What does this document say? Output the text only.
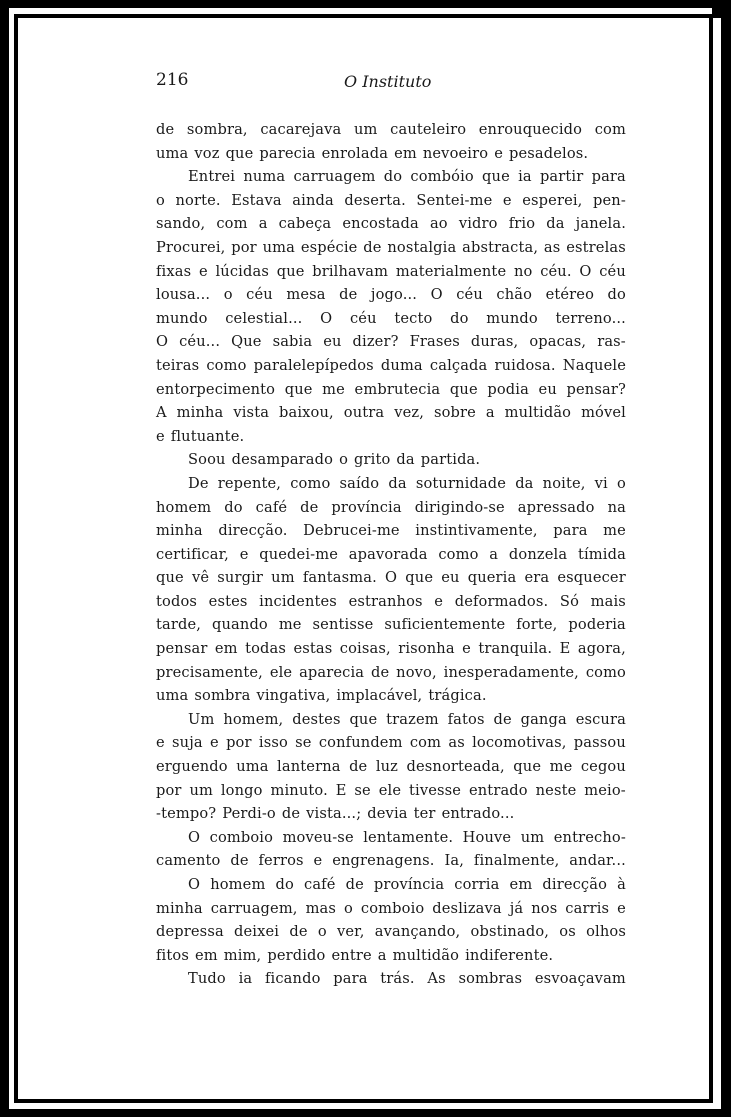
216	O Instituto
de sombra, cacarejava um cauteleiro enrouquecido com
uma voz que parecia enrolada em nevoeiro e pesadelos.
Entrei numa carruagem do combóio que ia partir para
o norte. Estava ainda deserta. Sentei-me e esperei, pen-
sando, com a cabeça encostada ao vidro frio da janela.
Procurei, por uma espécie de nostalgia abstracta, as estrelas
fixas e lúcidas que brilhavam materialmente no céu. O céu
lousa... o céu mesa de jogo... O céu chão etéreo do
mundo celestial... O céu tecto do mundo terreno...
O céu... Que sabia eu dizer? Frases duras, opacas, ras-
teiras como paralelepípedos duma calçada ruidosa. Naquele
entorpecimento que me embrutecia que podia eu pensar?
A minha vista baixou, outra vez, sobre a multidão móvel
e flutuante.
Soou desamparado o grito da partida.
De repente, como saído da soturnidade da noite, vi o
homem do café de província dirigindo-se apressado na
minha direcção. Debrucei-me instintivamente, para me
certificar, e quedei-me apavorada como a donzela tímida
que vê surgir um fantasma. O que eu queria era esquecer
todos estes incidentes estranhos e deformados. Só mais
tarde, quando me sentisse suficientemente forte, poderia
pensar em todas estas coisas, risonha e tranquila. E agora,
precisamente, ele aparecia de novo, inesperadamente, como
uma sombra vingativa, implacável, trágica.
Um homem, destes que trazem fatos de ganga escura
e suja e por isso se confundem com as locomotivas, passou
erguendo uma lanterna de luz desnorteada, que me cegou
por um longo minuto. E se ele tivesse entrado neste meio-
-tempo? Perdi-o de vista...; devia ter entrado...
O comboio moveu-se lentamente. Houve um entrecho-
camento de ferros e engrenagens. Ia, finalmente, andar...
O homem do café de província corria em direcção à
minha carruagem, mas o comboio deslizava já nos carris e
depressa deixei de o ver, avançando, obstinado, os olhos
fitos em mim, perdido entre a multidão indiferente.
Tudo ia ficando para trás. As sombras esvoaçavam
